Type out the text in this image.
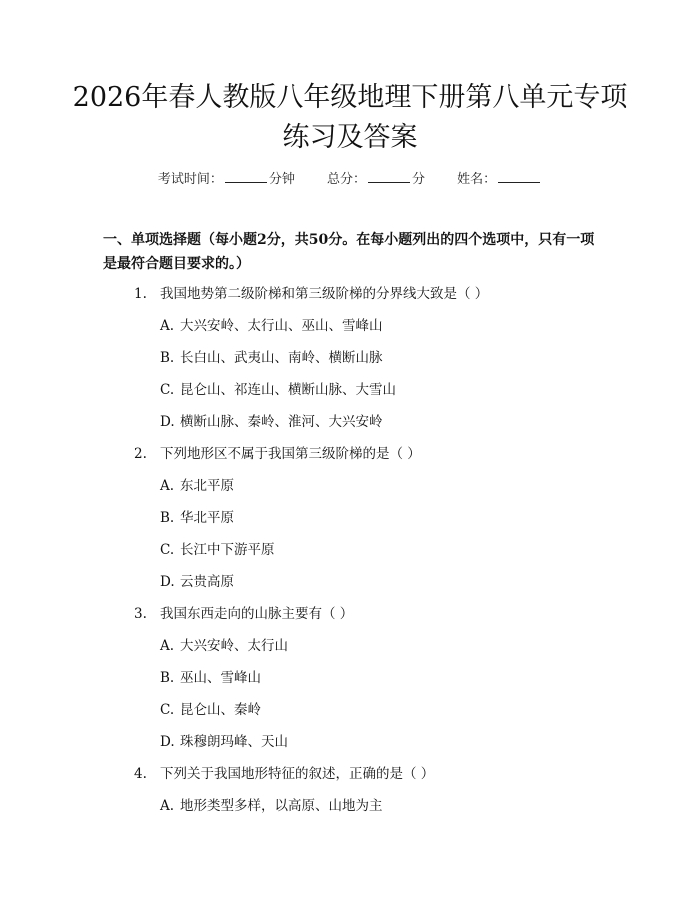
2026年春人教版八年级地理下册第八单元专项练习及答案
考试时间：	分钟 总分：	分 姓名：
一、单项选择题（每小题2分，共50分。在每小题列出的四个选项中，只有一项是最符合题目要求的。）
1. 我国地势第二级阶梯和第三级阶梯的分界线大致是（ ）
A. 大兴安岭、太行山、巫山、雪峰山
B. 长白山、武夷山、南岭、横断山脉
C. 昆仑山、祁连山、横断山脉、大雪山
D. 横断山脉、秦岭、淮河、大兴安岭
2. 下列地形区不属于我国第三级阶梯的是（ ）
A. 东北平原
B. 华北平原
C. 长江中下游平原
D. 云贵高原
3. 我国东西走向的山脉主要有（ ）
A. 大兴安岭、太行山
B. 巫山、雪峰山
C. 昆仑山、秦岭
D. 珠穆朗玛峰、天山
4. 下列关于我国地形特征的叙述，正确的是（ ）
A. 地形类型多样，以高原、山地为主
